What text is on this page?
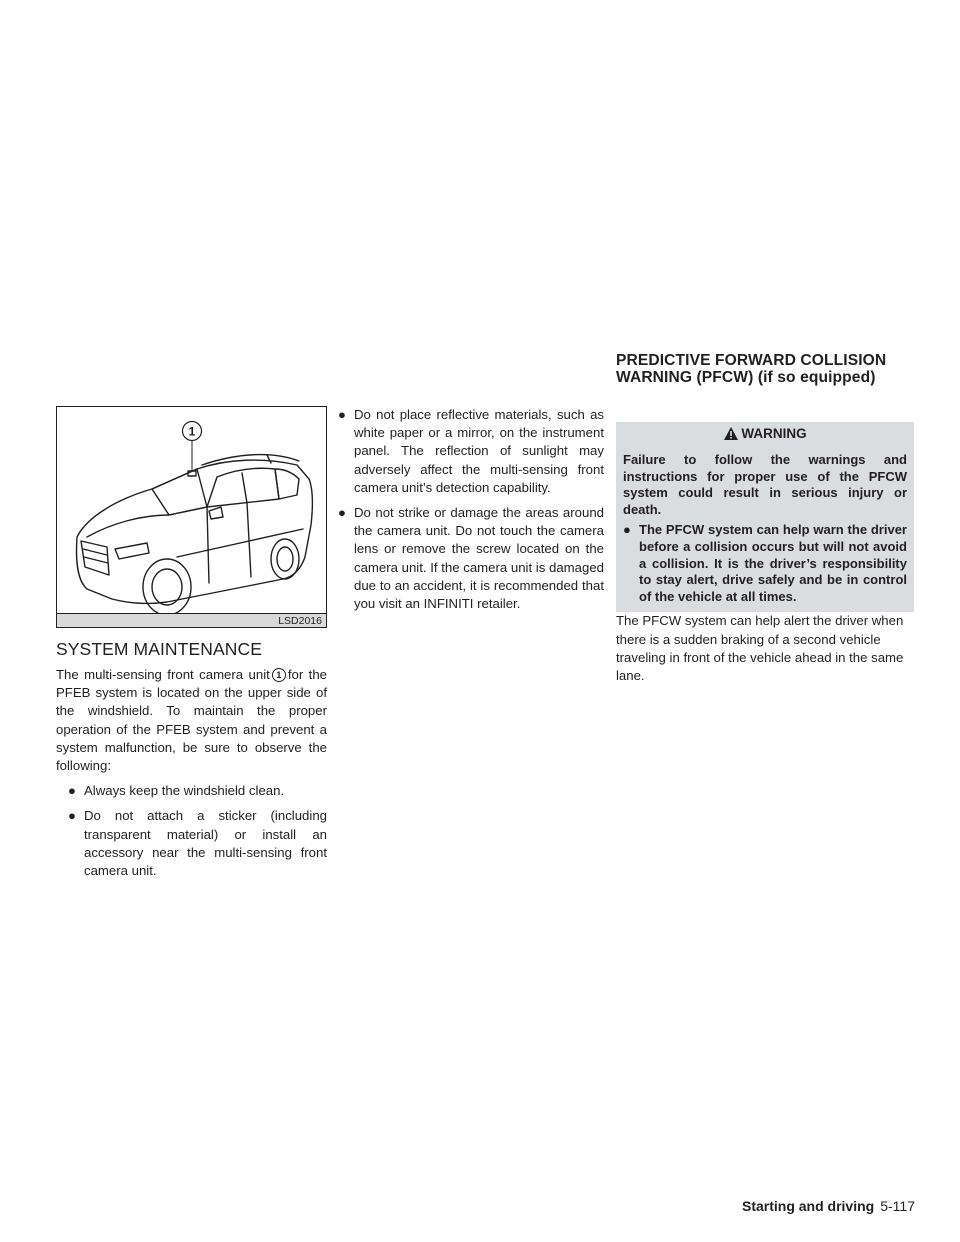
1
LSD2016
SYSTEM MAINTENANCE

The multi-sensing front camera unit 1 for the PFEB system is located on the upper side of the windshield. To maintain the proper operation of the PFEB system and prevent a system malfunction, be sure to observe the following:

● Always keep the windshield clean.
● Do not attach a sticker (including transparent material) or install an accessory near the multi-sensing front camera unit.
● Do not place reflective materials, such as white paper or a mirror, on the instrument panel. The reflection of sunlight may adversely affect the multi-sensing front camera unit’s detection capability.
● Do not strike or damage the areas around the camera unit. Do not touch the camera lens or remove the screw located on the camera unit. If the camera unit is damaged due to an accident, it is recommended that you visit an INFINITI retailer.
PREDICTIVE FORWARD COLLISION
WARNING (PFCW) (if so equipped)
WARNING

Failure to follow the warnings and instructions for proper use of the PFCW system could result in serious injury or death.

● The PFCW system can help warn the driver before a collision occurs but will not avoid a collision. It is the driver’s responsibility to stay alert, drive safely and be in control of the vehicle at all times.

The PFCW system can help alert the driver when there is a sudden braking of a second vehicle traveling in front of the vehicle ahead in the same lane.

Starting and driving 5-117
